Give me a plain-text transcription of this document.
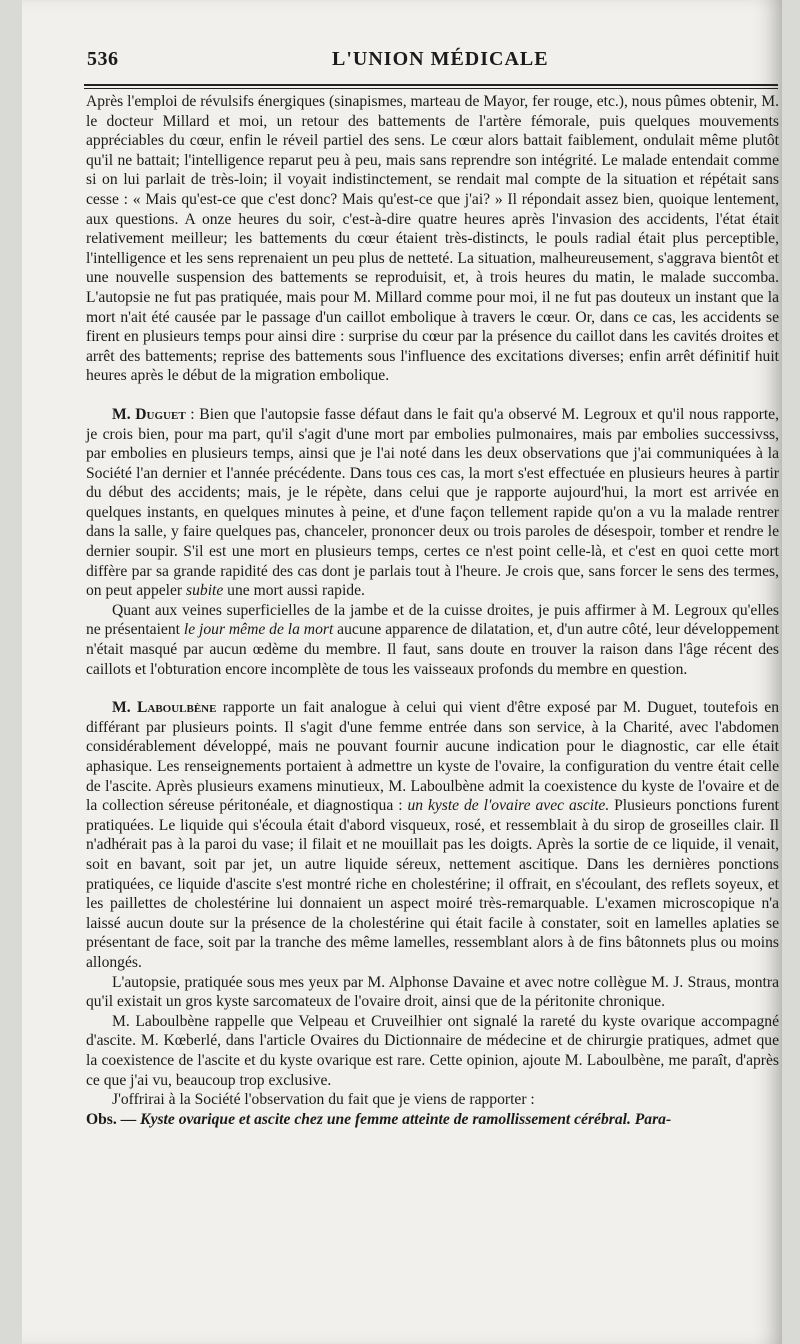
536	L'UNION MÉDICALE

Après l'emploi de révulsifs énergiques (sinapismes, marteau de Mayor, fer rouge, etc.), nous pûmes obtenir, M. le docteur Millard et moi, un retour des battements de l'artère fémorale, puis quelques mouvements appréciables du cœur, enfin le réveil partiel des sens. Le cœur alors battait faiblement, ondulait même plutôt qu'il ne battait; l'intelligence reparut peu à peu, mais sans reprendre son intégrité. Le malade entendait comme si on lui parlait de très-loin; il voyait indistinctement, se rendait mal compte de la situation et répétait sans cesse : « Mais qu'est-ce que c'est donc? Mais qu'est-ce que j'ai? » Il répondait assez bien, quoique lentement, aux questions. A onze heures du soir, c'est-à-dire quatre heures après l'invasion des accidents, l'état était relativement meilleur; les battements du cœur étaient très-distincts, le pouls radial était plus perceptible, l'intelligence et les sens reprenaient un peu plus de netteté. La situation, malheureusement, s'aggrava bientôt et une nouvelle suspension des battements se reproduisit, et, à trois heures du matin, le malade succomba. L'autopsie ne fut pas pratiquée, mais pour M. Millard comme pour moi, il ne fut pas douteux un instant que la mort n'ait été causée par le passage d'un caillot embolique à travers le cœur. Or, dans ce cas, les accidents se firent en plusieurs temps pour ainsi dire : surprise du cœur par la présence du caillot dans les cavités droites et arrêt des battements; reprise des battements sous l'influence des excitations diverses; enfin arrêt définitif huit heures après le début de la migration embolique.

M. Duguet : Bien que l'autopsie fasse défaut dans le fait qu'a observé M. Legroux et qu'il nous rapporte, je crois bien, pour ma part, qu'il s'agit d'une mort par embolies pulmonaires, mais par embolies successivss, par embolies en plusieurs temps, ainsi que je l'ai noté dans les deux observations que j'ai communiquées à la Société l'an dernier et l'année précédente. Dans tous ces cas, la mort s'est effectuée en plusieurs heures à partir du début des accidents; mais, je le répète, dans celui que je rapporte aujourd'hui, la mort est arrivée en quelques instants, en quelques minutes à peine, et d'une façon tellement rapide qu'on a vu la malade rentrer dans la salle, y faire quelques pas, chanceler, prononcer deux ou trois paroles de désespoir, tomber et rendre le dernier soupir. S'il est une mort en plusieurs temps, certes ce n'est point celle-là, et c'est en quoi cette mort diffère par sa grande rapidité des cas dont je parlais tout à l'heure. Je crois que, sans forcer le sens des termes, on peut appeler subite une mort aussi rapide.

Quant aux veines superficielles de la jambe et de la cuisse droites, je puis affirmer à M. Legroux qu'elles ne présentaient le jour même de la mort aucune apparence de dilatation, et, d'un autre côté, leur développement n'était masqué par aucun œdème du membre. Il faut, sans doute en trouver la raison dans l'âge récent des caillots et l'obturation encore incomplète de tous les vaisseaux profonds du membre en question.

M. Laboulbène rapporte un fait analogue à celui qui vient d'être exposé par M. Duguet, toutefois en différant par plusieurs points. Il s'agit d'une femme entrée dans son service, à la Charité, avec l'abdomen considérablement développé, mais ne pouvant fournir aucune indication pour le diagnostic, car elle était aphasique. Les renseignements portaient à admettre un kyste de l'ovaire, la configuration du ventre était celle de l'ascite. Après plusieurs examens minutieux, M. Laboulbène admit la coexistence du kyste de l'ovaire et de la collection séreuse péritonéale, et diagnostiqua : un kyste de l'ovaire avec ascite. Plusieurs ponctions furent pratiquées. Le liquide qui s'écoula était d'abord visqueux, rosé, et ressemblait à du sirop de groseilles clair. Il n'adhérait pas à la paroi du vase; il filait et ne mouillait pas les doigts. Après la sortie de ce liquide, il venait, soit en bavant, soit par jet, un autre liquide séreux, nettement ascitique. Dans les dernières ponctions pratiquées, ce liquide d'ascite s'est montré riche en cholestérine; il offrait, en s'écoulant, des reflets soyeux, et les paillettes de cholestérine lui donnaient un aspect moiré très-remarquable. L'examen microscopique n'a laissé aucun doute sur la présence de la cholestérine qui était facile à constater, soit en lamelles aplaties se présentant de face, soit par la tranche des même lamelles, ressemblant alors à de fins bâtonnets plus ou moins allongés.

L'autopsie, pratiquée sous mes yeux par M. Alphonse Davaine et avec notre collègue M. J. Straus, montra qu'il existait un gros kyste sarcomateux de l'ovaire droit, ainsi que de la péritonite chronique.

M. Laboulbène rappelle que Velpeau et Cruveilhier ont signalé la rareté du kyste ovarique accompagné d'ascite. M. Kœberlé, dans l'article Ovaires du Dictionnaire de médecine et de chirurgie pratiques, admet que la coexistence de l'ascite et du kyste ovarique est rare. Cette opinion, ajoute M. Laboulbène, me paraît, d'après ce que j'ai vu, beaucoup trop exclusive.

J'offrirai à la Société l'observation du fait que je viens de rapporter :

Obs. — Kyste ovarique et ascite chez une femme atteinte de ramollissement cérébral. Para-
